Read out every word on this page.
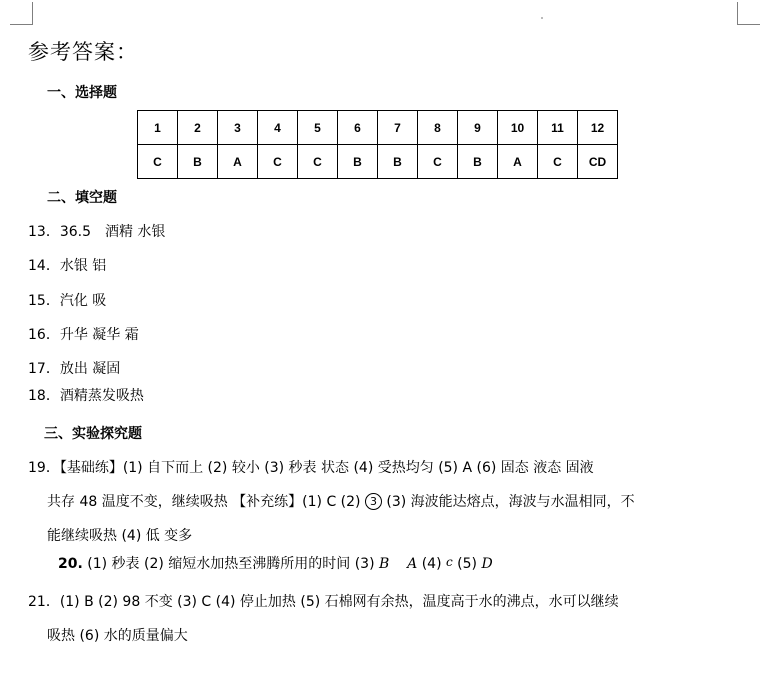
参考答案：
一、选择题
1	2	3	4	5	6	7	8	9	10	11	12
C	B	A	C	C	B	B	C	B	A	C	CD
二、填空题
13．36.5　酒精 水银
14．水银 铝
15．汽化 吸
16．升华 凝华 霜
17．放出 凝固
18．酒精蒸发吸热
三、实验探究题
19．【基础练】(1) 自下而上 (2) 较小 (3) 秒表 状态 (4) 受热均匀 (5) A (6) 固态 液态 固液
共存 48 温度不变，继续吸热 【补充练】(1) C (2) 3 (3) 海波能达熔点，海波与水温相同，不
能继续吸热 (4) 低 变多
20. (1) 秒表 (2) 缩短水加热至沸腾所用的时间 (3) B A (4) c (5) D
21．(1) B (2) 98 不变 (3) C (4) 停止加热 (5) 石棉网有余热，温度高于水的沸点，水可以继续
吸热 (6) 水的质量偏大
